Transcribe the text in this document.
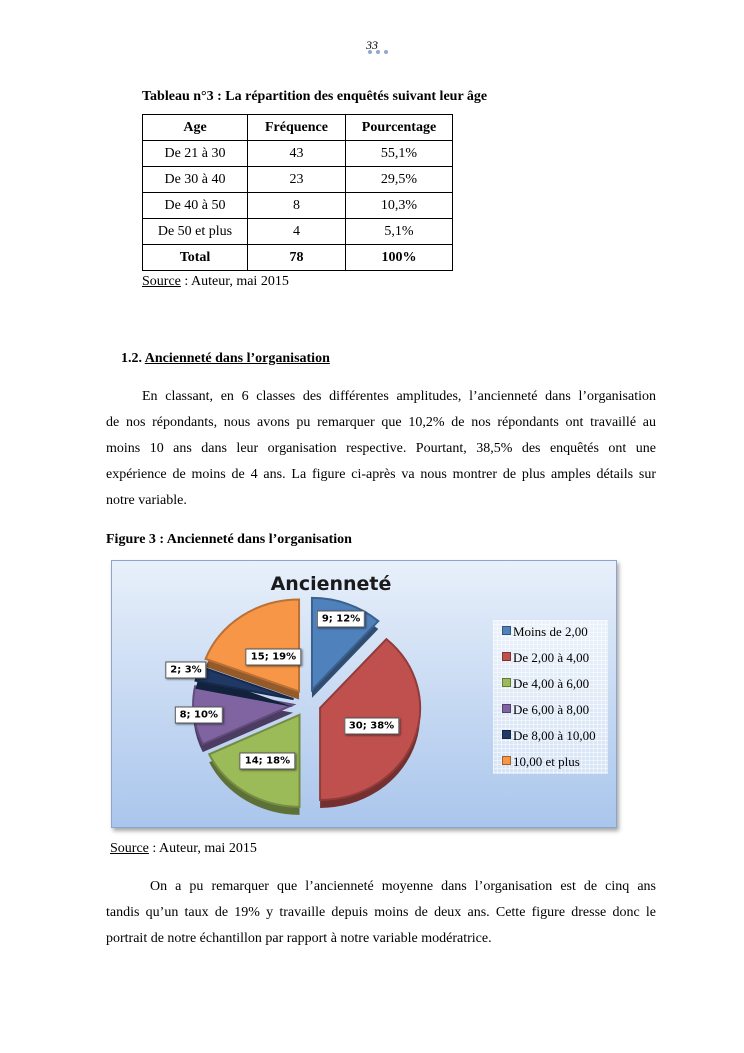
33
Tableau n°3 : La répartition des enquêtés suivant leur âge
Age	Fréquence	Pourcentage
De 21 à 30	43	55,1%
De 30 à 40	23	29,5%
De 40 à 50	8	10,3%
De 50 et plus	4	5,1%
Total	78	100%
Source : Auteur, mai 2015
1.2. Ancienneté dans l’organisation
En classant, en 6 classes des différentes amplitudes, l’ancienneté dans l’organisation
de nos répondants, nous avons pu remarquer que 10,2% de nos répondants ont travaillé au
moins 10 ans dans leur organisation respective. Pourtant, 38,5% des enquêtés ont une
expérience de moins de 4 ans. La figure ci-après va nous montrer de plus amples détails sur
notre variable.
Figure 3 : Ancienneté dans l’organisation
Ancienneté
9; 12%
30; 38%
14; 18%
8; 10%
2; 3%
15; 19%
Moins de 2,00
De 2,00 à 4,00
De 4,00 à 6,00
De 6,00 à 8,00
De 8,00 à 10,00
10,00 et plus
Source : Auteur, mai 2015
On a pu remarquer que l’ancienneté moyenne dans l’organisation est de cinq ans
tandis qu’un taux de 19% y travaille depuis moins de deux ans. Cette figure dresse donc le
portrait de notre échantillon par rapport à notre variable modératrice.
